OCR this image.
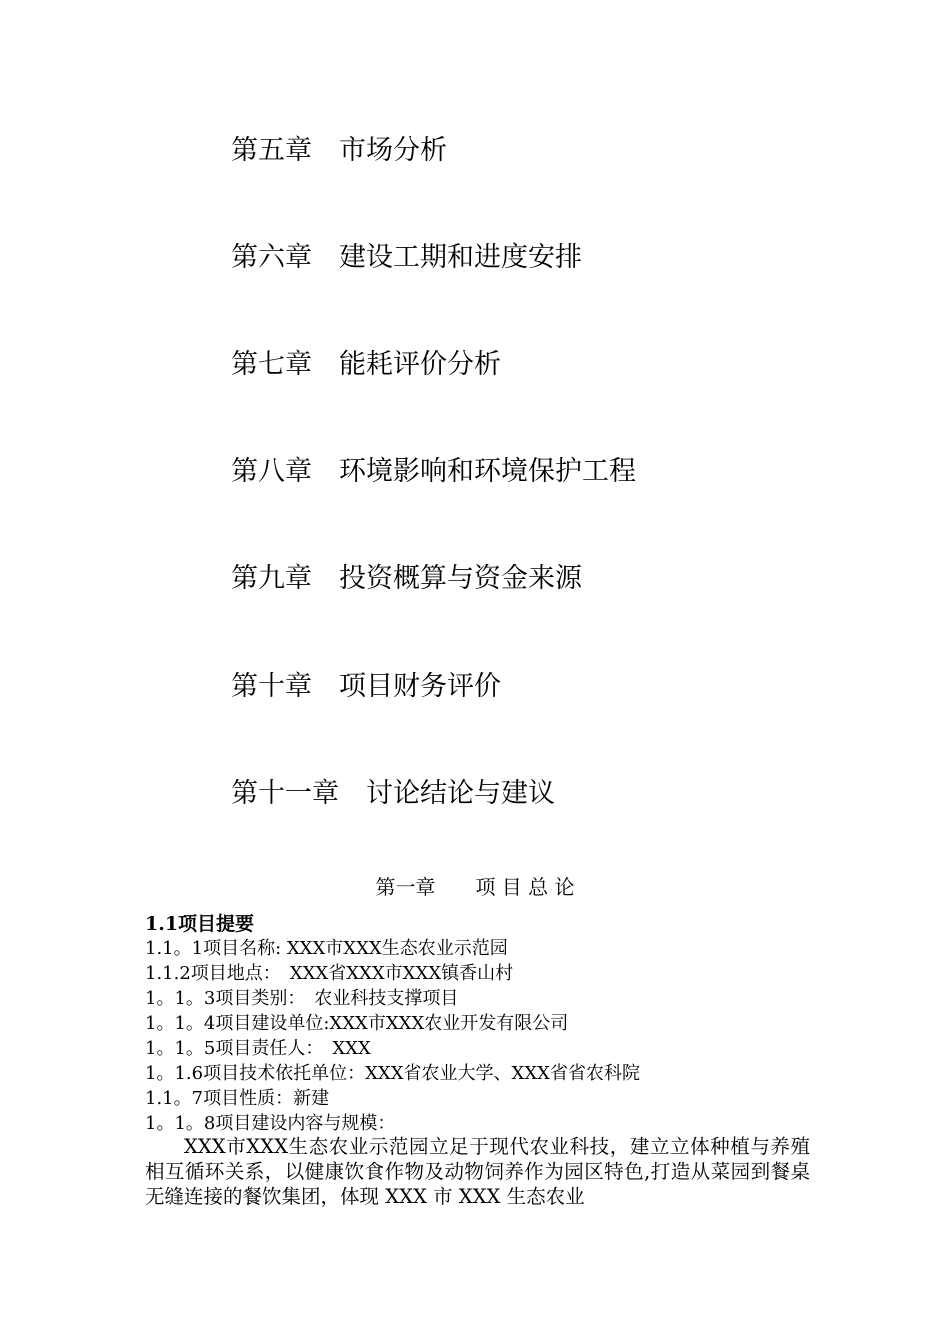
第五章　市场分析
第六章　建设工期和进度安排
第七章　能耗评价分析
第八章　环境影响和环境保护工程
第九章　投资概算与资金来源
第十章　项目财务评价
第十一章　讨论结论与建议
第一章　　项 目 总 论
1.1项目提要
1.1。1项目名称: XXX市XXX生态农业示范园
1.1.2项目地点：　XXX省XXX市XXX镇香山村
1。1。3项目类别：　农业科技支撑项目
1。1。4项目建设单位:XXX市XXX农业开发有限公司
1。1。5项目责任人：　XXX
1。1.6项目技术依托单位：XXX省农业大学、XXX省省农科院
1.1。7项目性质：新建
1。1。8项目建设内容与规模：

XXX市XXX生态农业示范园立足于现代农业科技，建立立体种植与养殖相互循环关系，以健康饮食作物及动物饲养作为园区特色,打造从菜园到餐桌无缝连接的餐饮集团，体现 XXX 市 XXX 生态农业
